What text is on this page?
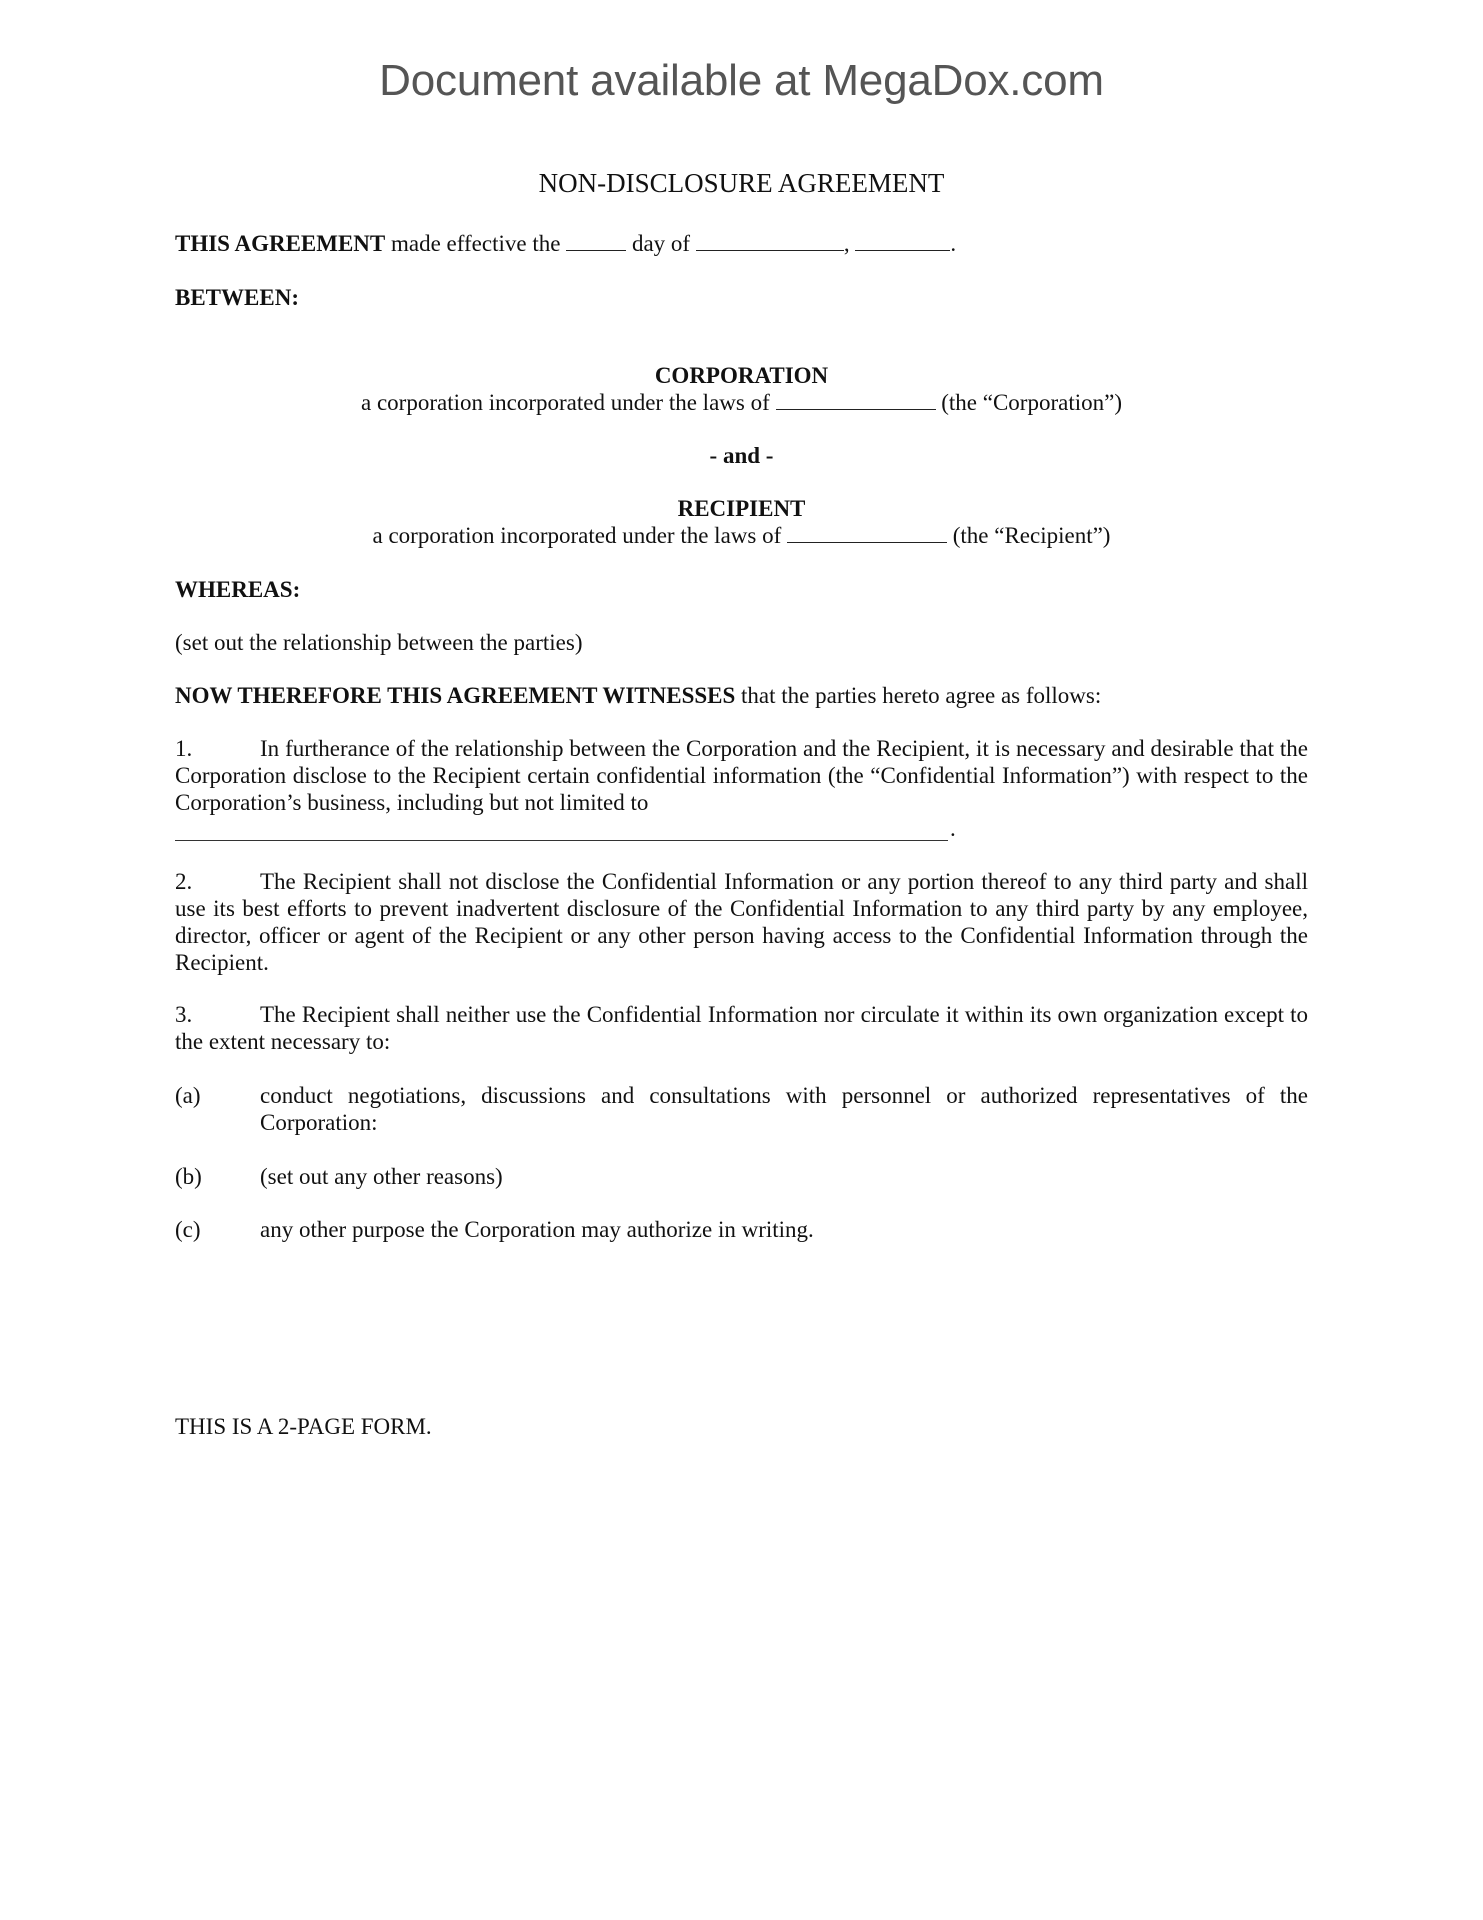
Document available at MegaDox.com
NON-DISCLOSURE AGREEMENT
THIS AGREEMENT made effective the	day of	,	.
BETWEEN:
CORPORATION
a corporation incorporated under the laws of	(the “Corporation”)
- and -
RECIPIENT
a corporation incorporated under the laws of	(the “Recipient”)
WHEREAS:
(set out the relationship between the parties)
NOW THEREFORE THIS AGREEMENT WITNESSES that the parties hereto agree as follows:
1.	In furtherance of the relationship between the Corporation and the Recipient, it is necessary and desirable that the Corporation disclose to the Recipient certain confidential information (the “Confidential Information”) with respect to the Corporation’s business, including but not limited to
.
2.	The Recipient shall not disclose the Confidential Information or any portion thereof to any third party and shall use its best efforts to prevent inadvertent disclosure of the Confidential Information to any third party by any employee, director, officer or agent of the Recipient or any other person having access to the Confidential Information through the Recipient.
3.	The Recipient shall neither use the Confidential Information nor circulate it within its own organization except to the extent necessary to:
(a)	conduct negotiations, discussions and consultations with personnel or authorized representatives of the Corporation:
(b)	(set out any other reasons)
(c)	any other purpose the Corporation may authorize in writing.
THIS IS A 2-PAGE FORM.
